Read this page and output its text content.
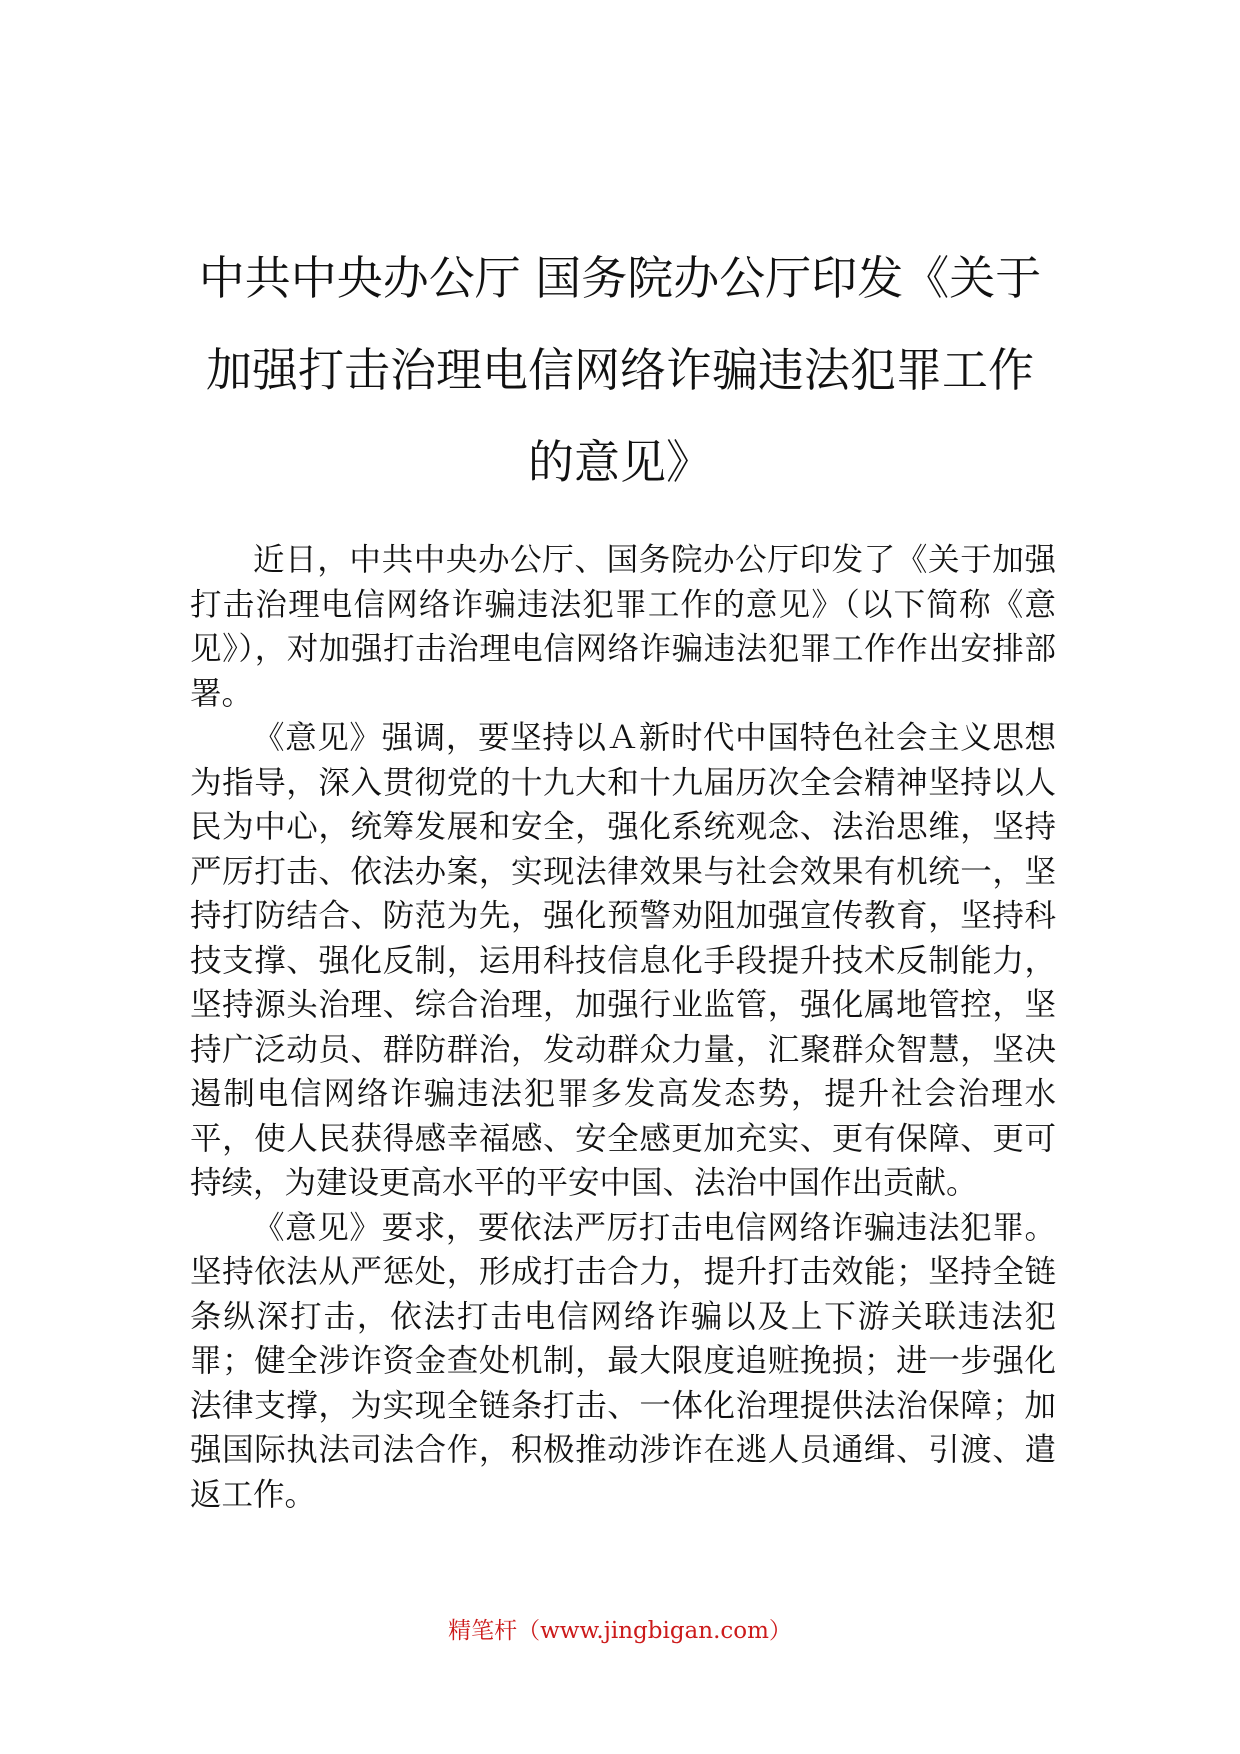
中共中央办公厅 国务院办公厅印发《关于
加强打击治理电信网络诈骗违法犯罪工作
的意见》

近日，中共中央办公厅、国务院办公厅印发了《关于加强打击治理电信网络诈骗违法犯罪工作的意见》（以下简称《意见》），对加强打击治理电信网络诈骗违法犯罪工作作出安排部署。

《意见》强调，要坚持以Ａ新时代中国特色社会主义思想为指导，深入贯彻党的十九大和十九届历次全会精神坚持以人民为中心，统筹发展和安全，强化系统观念、法治思维，坚持严厉打击、依法办案，实现法律效果与社会效果有机统一，坚持打防结合、防范为先，强化预警劝阻加强宣传教育，坚持科技支撑、强化反制，运用科技信息化手段提升技术反制能力，坚持源头治理、综合治理，加强行业监管，强化属地管控，坚持广泛动员、群防群治，发动群众力量，汇聚群众智慧，坚决遏制电信网络诈骗违法犯罪多发高发态势，提升社会治理水平，使人民获得感幸福感、安全感更加充实、更有保障、更可持续，为建设更高水平的平安中国、法治中国作出贡献。

《意见》要求，要依法严厉打击电信网络诈骗违法犯罪。坚持依法从严惩处，形成打击合力，提升打击效能；坚持全链条纵深打击，依法打击电信网络诈骗以及上下游关联违法犯罪；健全涉诈资金查处机制，最大限度追赃挽损；进一步强化法律支撑，为实现全链条打击、一体化治理提供法治保障；加强国际执法司法合作，积极推动涉诈在逃人员通缉、引渡、遣返工作。

精笔杆（www.jingbigan.com）
